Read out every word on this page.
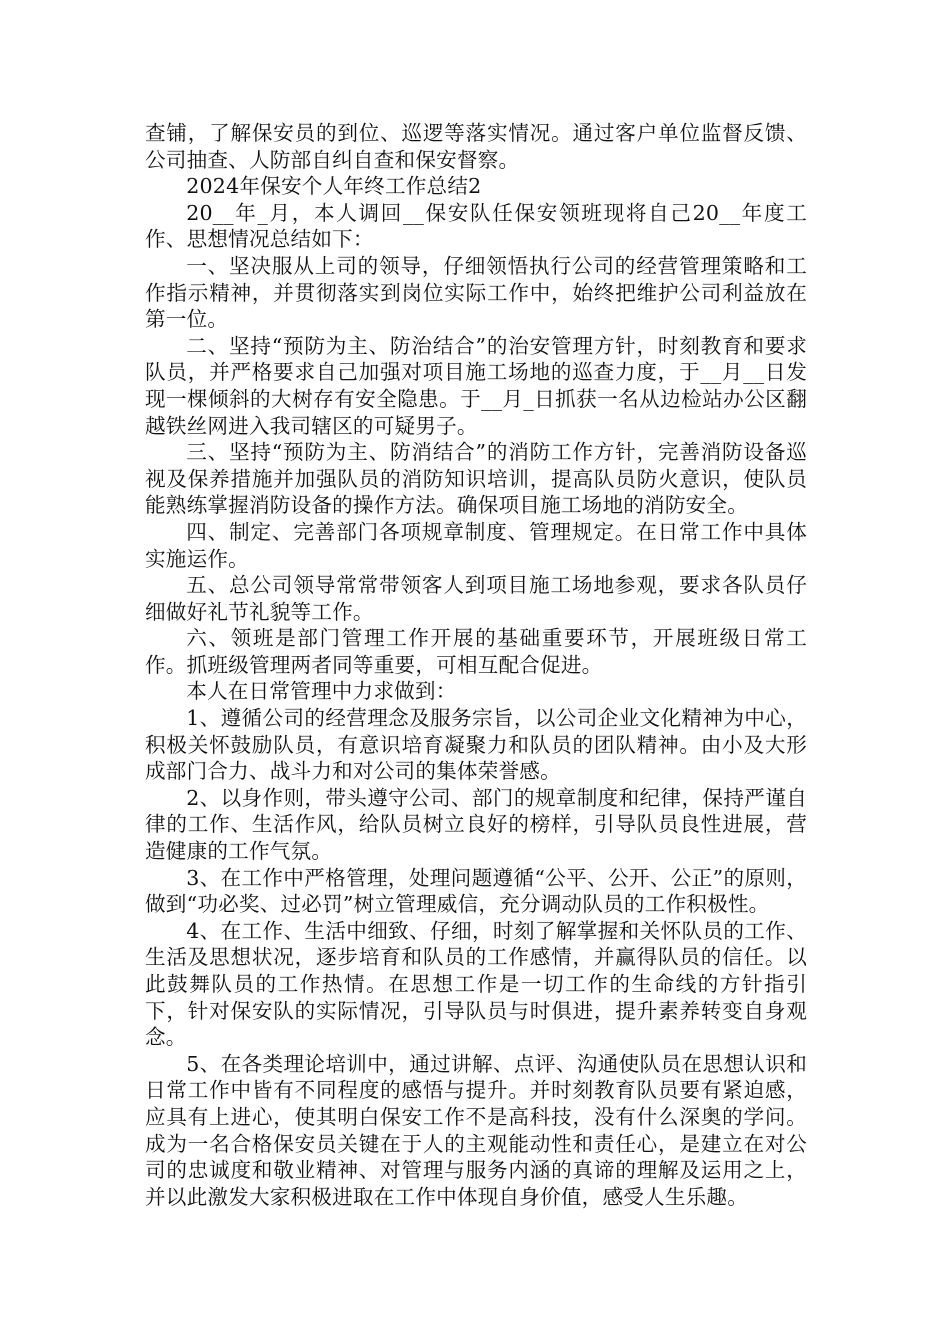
查铺，了解保安员的到位、巡逻等落实情况。通过客户单位监督反馈、公司抽查、人防部自纠自查和保安督察。

2024年保安个人年终工作总结2

20__年_月，本人调回__保安队任保安领班现将自己20__年度工作、思想情况总结如下：

一、坚决服从上司的领导，仔细领悟执行公司的经营管理策略和工作指示精神，并贯彻落实到岗位实际工作中，始终把维护公司利益放在第一位。

二、坚持“预防为主、防治结合”的治安管理方针，时刻教育和要求队员，并严格要求自己加强对项目施工场地的巡查力度，于__月__日发现一棵倾斜的大树存有安全隐患。于__月_日抓获一名从边检站办公区翻越铁丝网进入我司辖区的可疑男子。

三、坚持“预防为主、防消结合”的消防工作方针，完善消防设备巡视及保养措施并加强队员的消防知识培训，提高队员防火意识，使队员能熟练掌握消防设备的操作方法。确保项目施工场地的消防安全。

四、制定、完善部门各项规章制度、管理规定。在日常工作中具体实施运作。

五、总公司领导常常带领客人到项目施工场地参观，要求各队员仔细做好礼节礼貌等工作。

六、领班是部门管理工作开展的基础重要环节，开展班级日常工作。抓班级管理两者同等重要，可相互配合促进。

本人在日常管理中力求做到：

1、遵循公司的经营理念及服务宗旨，以公司企业文化精神为中心，积极关怀鼓励队员，有意识培育凝聚力和队员的团队精神。由小及大形成部门合力、战斗力和对公司的集体荣誉感。

2、以身作则，带头遵守公司、部门的规章制度和纪律，保持严谨自律的工作、生活作风，给队员树立良好的榜样，引导队员良性进展，营造健康的工作气氛。

3、在工作中严格管理，处理问题遵循“公平、公开、公正”的原则，做到“功必奖、过必罚”树立管理威信，充分调动队员的工作积极性。

4、在工作、生活中细致、仔细，时刻了解掌握和关怀队员的工作、生活及思想状况，逐步培育和队员的工作感情，并赢得队员的信任。以此鼓舞队员的工作热情。在思想工作是一切工作的生命线的方针指引下，针对保安队的实际情况，引导队员与时俱进，提升素养转变自身观念。

5、在各类理论培训中，通过讲解、点评、沟通使队员在思想认识和日常工作中皆有不同程度的感悟与提升。并时刻教育队员要有紧迫感，应具有上进心，使其明白保安工作不是高科技，没有什么深奥的学问。成为一名合格保安员关键在于人的主观能动性和责任心，是建立在对公司的忠诚度和敬业精神、对管理与服务内涵的真谛的理解及运用之上，并以此激发大家积极进取在工作中体现自身价值，感受人生乐趣。
